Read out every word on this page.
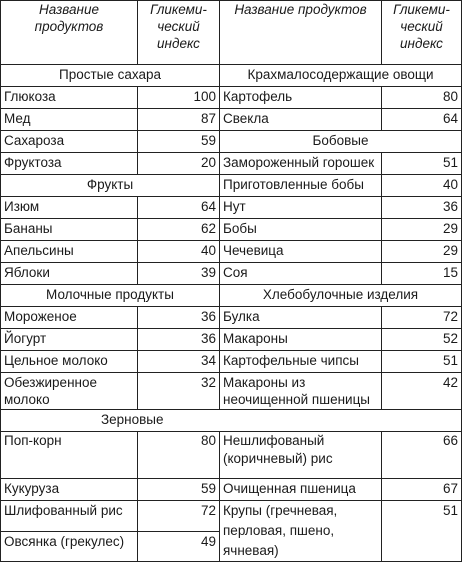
Название продуктов	Гликеми-ческий индекс	Название продуктов	Гликеми-ческий индекс
Простые сахара		Крахмалосодержащие овощи	
Глюкоза	100	Картофель	80
Мед	87	Свекла	64
Сахароза	59	Бобовые	
Фруктоза	20	Замороженный горошек	51
Фрукты		Приготовленные бобы	40
Изюм	64	Нут	36
Бананы	62	Бобы	29
Апельсины	40	Чечевица	29
Яблоки	39	Соя	15
Молочные продукты		Хлебобулочные изделия	
Мороженое	36	Булка	72
Йогурт	36	Макароны	52
Цельное молоко	34	Картофельные чипсы	51
Обезжиренное молоко	32	Макароны из неочищенной пшеницы	42
Зерновые			
Поп-корн	80	Нешлифованый (коричневый) рис	66
Кукуруза	59	Очищенная пшеница	67
Шлифованный рис	72	Крупы (гречневая, перловая, пшено, ячневая)	51
Овсянка (грекулес)	49		
